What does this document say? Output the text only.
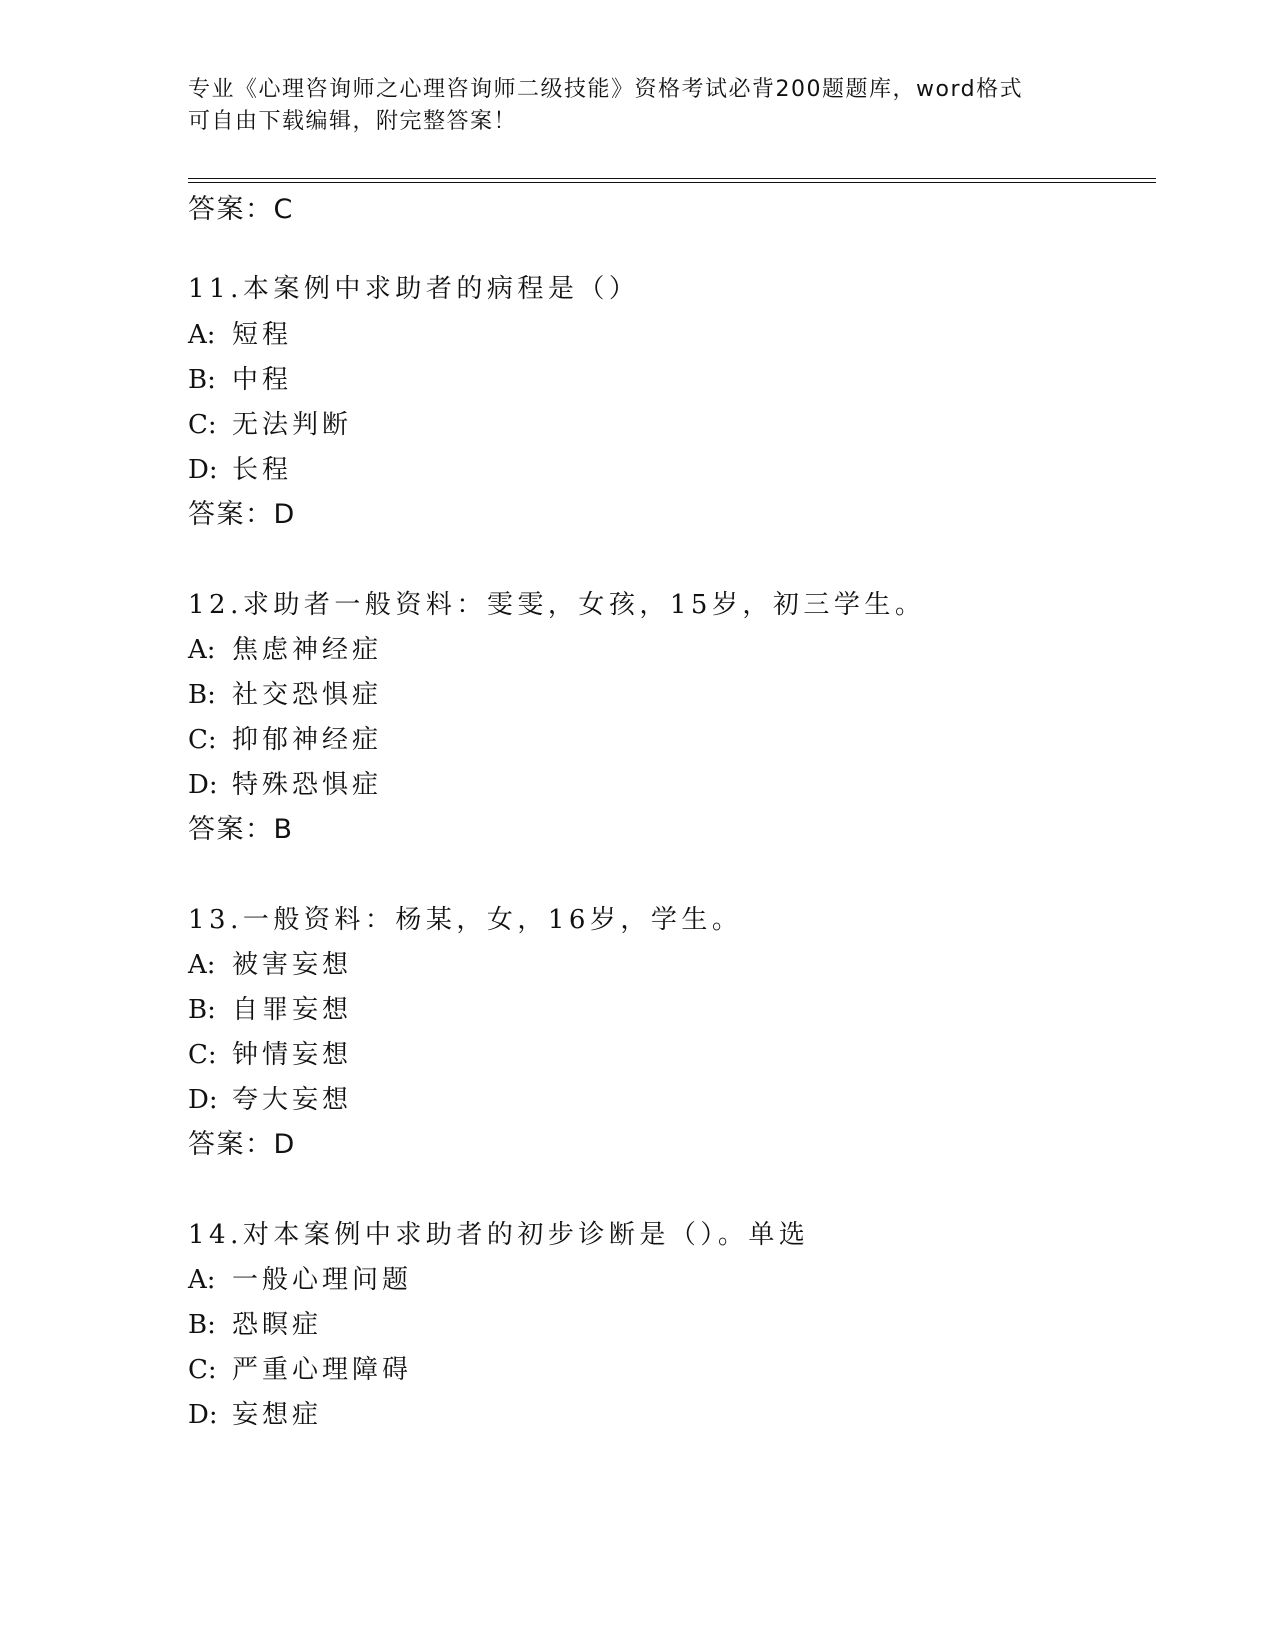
专业《心理咨询师之心理咨询师二级技能》资格考试必背200题题库，word格式
可自由下载编辑，附完整答案！
答案：C
11.本案例中求助者的病程是（）
A: 短程
B: 中程
C: 无法判断
D: 长程
答案：D
12.求助者一般资料：雯雯，女孩，15岁，初三学生。
A: 焦虑神经症
B: 社交恐惧症
C: 抑郁神经症
D: 特殊恐惧症
答案：B
13.一般资料：杨某，女，16岁，学生。
A: 被害妄想
B: 自罪妄想
C: 钟情妄想
D: 夸大妄想
答案：D
14.对本案例中求助者的初步诊断是（）。单选
A: 一般心理问题
B: 恐瞑症
C: 严重心理障碍
D: 妄想症
